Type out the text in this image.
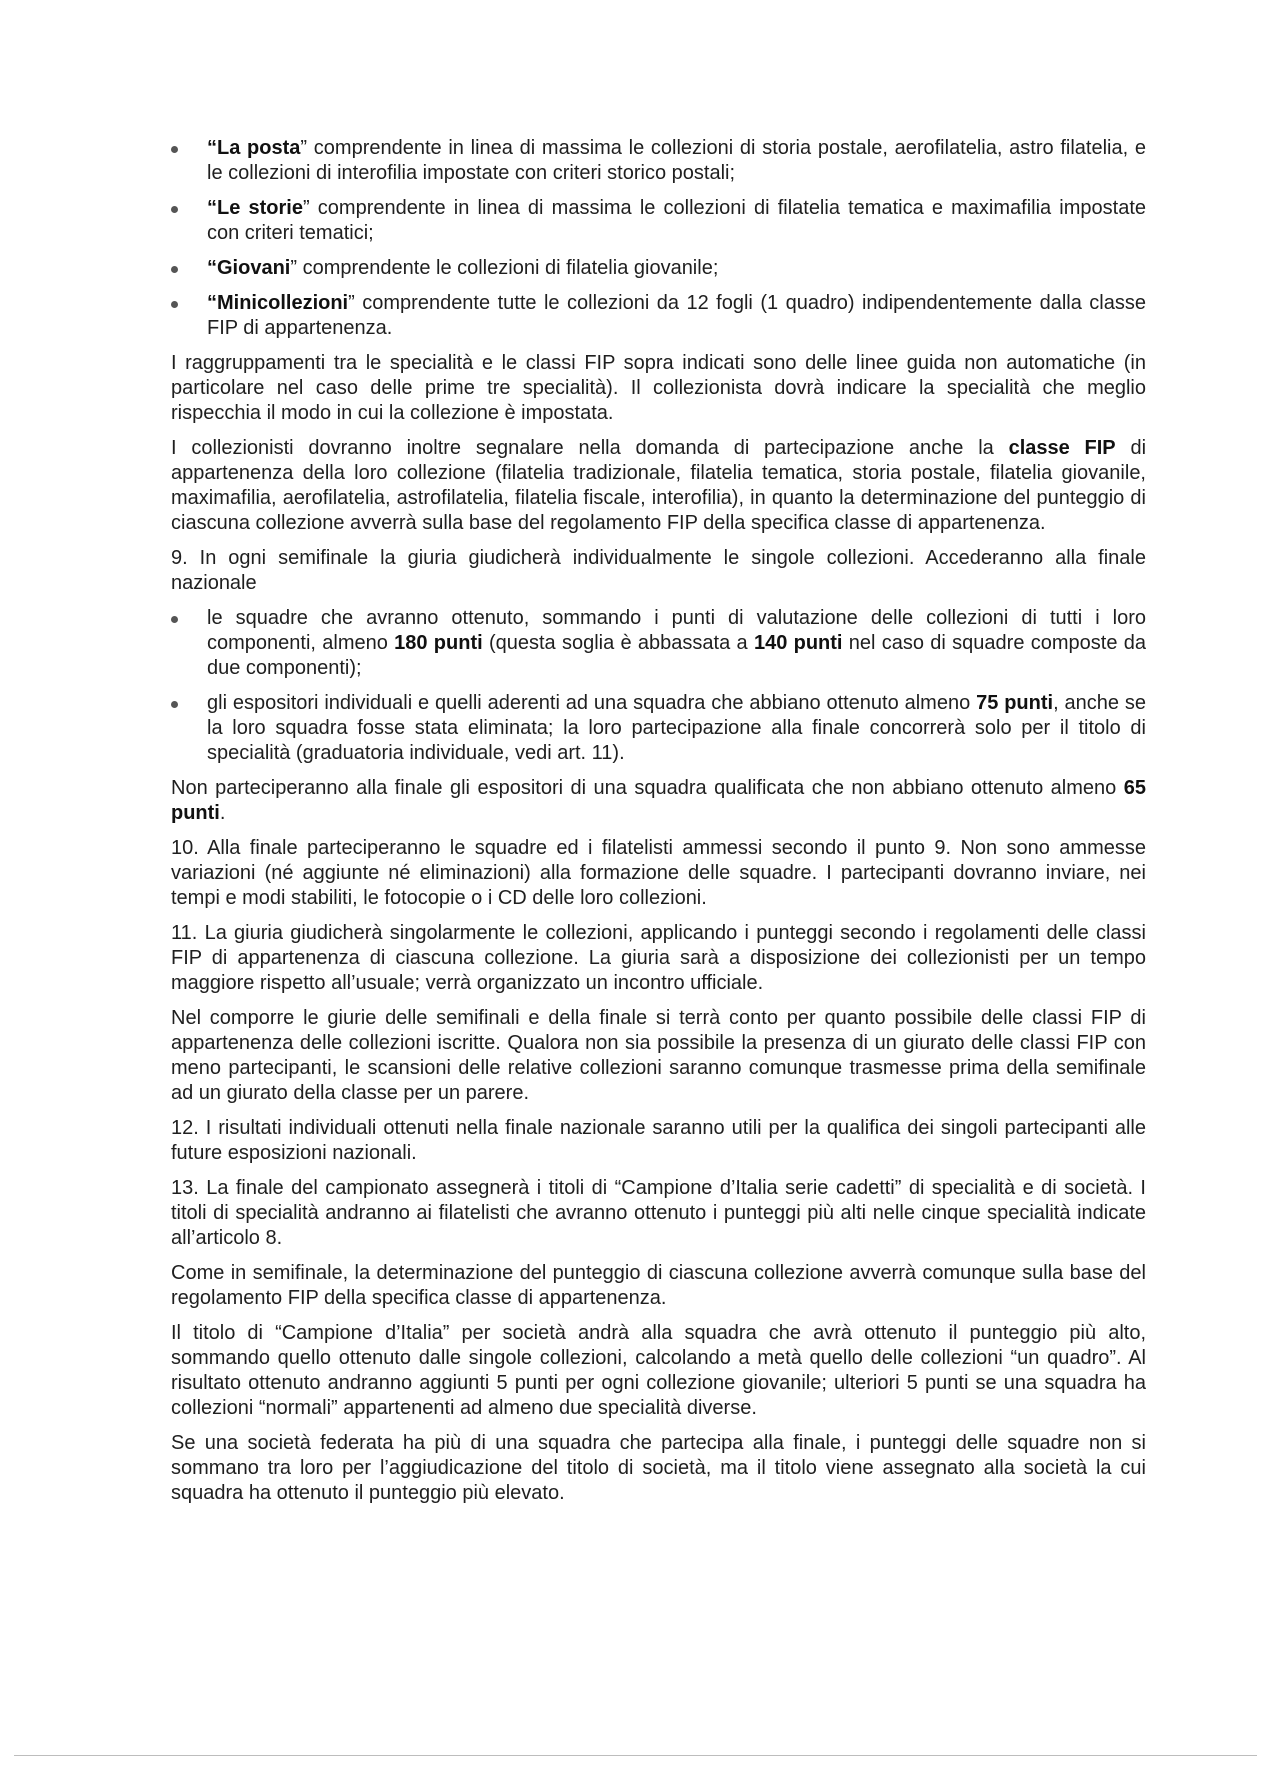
“La posta” comprendente in linea di massima le collezioni di storia postale, aerofilatelia, astro filatelia, e le collezioni di interofilia impostate con criteri storico postali;
“Le storie” comprendente in linea di massima le collezioni di filatelia tematica e maximafilia impostate con criteri tematici;
“Giovani” comprendente le collezioni di filatelia giovanile;
“Minicollezioni” comprendente tutte le collezioni da 12 fogli (1 quadro) indipendentemente dalla classe FIP di appartenenza.

I raggruppamenti tra le specialità e le classi FIP sopra indicati sono delle linee guida non automatiche (in particolare nel caso delle prime tre specialità). Il collezionista dovrà indicare la specialità che meglio rispecchia il modo in cui la collezione è impostata.

I collezionisti dovranno inoltre segnalare nella domanda di partecipazione anche la classe FIP di appartenenza della loro collezione (filatelia tradizionale, filatelia tematica, storia postale, filatelia giovanile, maximafilia, aerofilatelia, astrofilatelia, filatelia fiscale, interofilia), in quanto la determinazione del punteggio di ciascuna collezione avverrà sulla base del regolamento FIP della specifica classe di appartenenza.

9. In ogni semifinale la giuria giudicherà individualmente le singole collezioni. Accederanno alla finale nazionale

le squadre che avranno ottenuto, sommando i punti di valutazione delle collezioni di tutti i loro componenti, almeno 180 punti (questa soglia è abbassata a 140 punti nel caso di squadre composte da due componenti);
gli espositori individuali e quelli aderenti ad una squadra che abbiano ottenuto almeno 75 punti, anche se la loro squadra fosse stata eliminata; la loro partecipazione alla finale concorrerà solo per il titolo di specialità (graduatoria individuale, vedi art. 11).

Non parteciperanno alla finale gli espositori di una squadra qualificata che non abbiano ottenuto almeno 65 punti.

10. Alla finale parteciperanno le squadre ed i filatelisti ammessi secondo il punto 9. Non sono ammesse variazioni (né aggiunte né eliminazioni) alla formazione delle squadre. I partecipanti dovranno inviare, nei tempi e modi stabiliti, le fotocopie o i CD delle loro collezioni.

11. La giuria giudicherà singolarmente le collezioni, applicando i punteggi secondo i regolamenti delle classi FIP di appartenenza di ciascuna collezione. La giuria sarà a disposizione dei collezionisti per un tempo maggiore rispetto all’usuale; verrà organizzato un incontro ufficiale.

Nel comporre le giurie delle semifinali e della finale si terrà conto per quanto possibile delle classi FIP di appartenenza delle collezioni iscritte. Qualora non sia possibile la presenza di un giurato delle classi FIP con meno partecipanti, le scansioni delle relative collezioni saranno comunque trasmesse prima della semifinale ad un giurato della classe per un parere.

12. I risultati individuali ottenuti nella finale nazionale saranno utili per la qualifica dei singoli partecipanti alle future esposizioni nazionali.

13. La finale del campionato assegnerà i titoli di “Campione d’Italia serie cadetti” di specialità e di società. I titoli di specialità andranno ai filatelisti che avranno ottenuto i punteggi più alti nelle cinque specialità indicate all’articolo 8.

Come in semifinale, la determinazione del punteggio di ciascuna collezione avverrà comunque sulla base del regolamento FIP della specifica classe di appartenenza.

Il titolo di “Campione d’Italia” per società andrà alla squadra che avrà ottenuto il punteggio più alto, sommando quello ottenuto dalle singole collezioni, calcolando a metà quello delle collezioni “un quadro”. Al risultato ottenuto andranno aggiunti 5 punti per ogni collezione giovanile; ulteriori 5 punti se una squadra ha collezioni “normali” appartenenti ad almeno due specialità diverse.

Se una società federata ha più di una squadra che partecipa alla finale, i punteggi delle squadre non si sommano tra loro per l’aggiudicazione del titolo di società, ma il titolo viene assegnato alla società la cui squadra ha ottenuto il punteggio più elevato.
